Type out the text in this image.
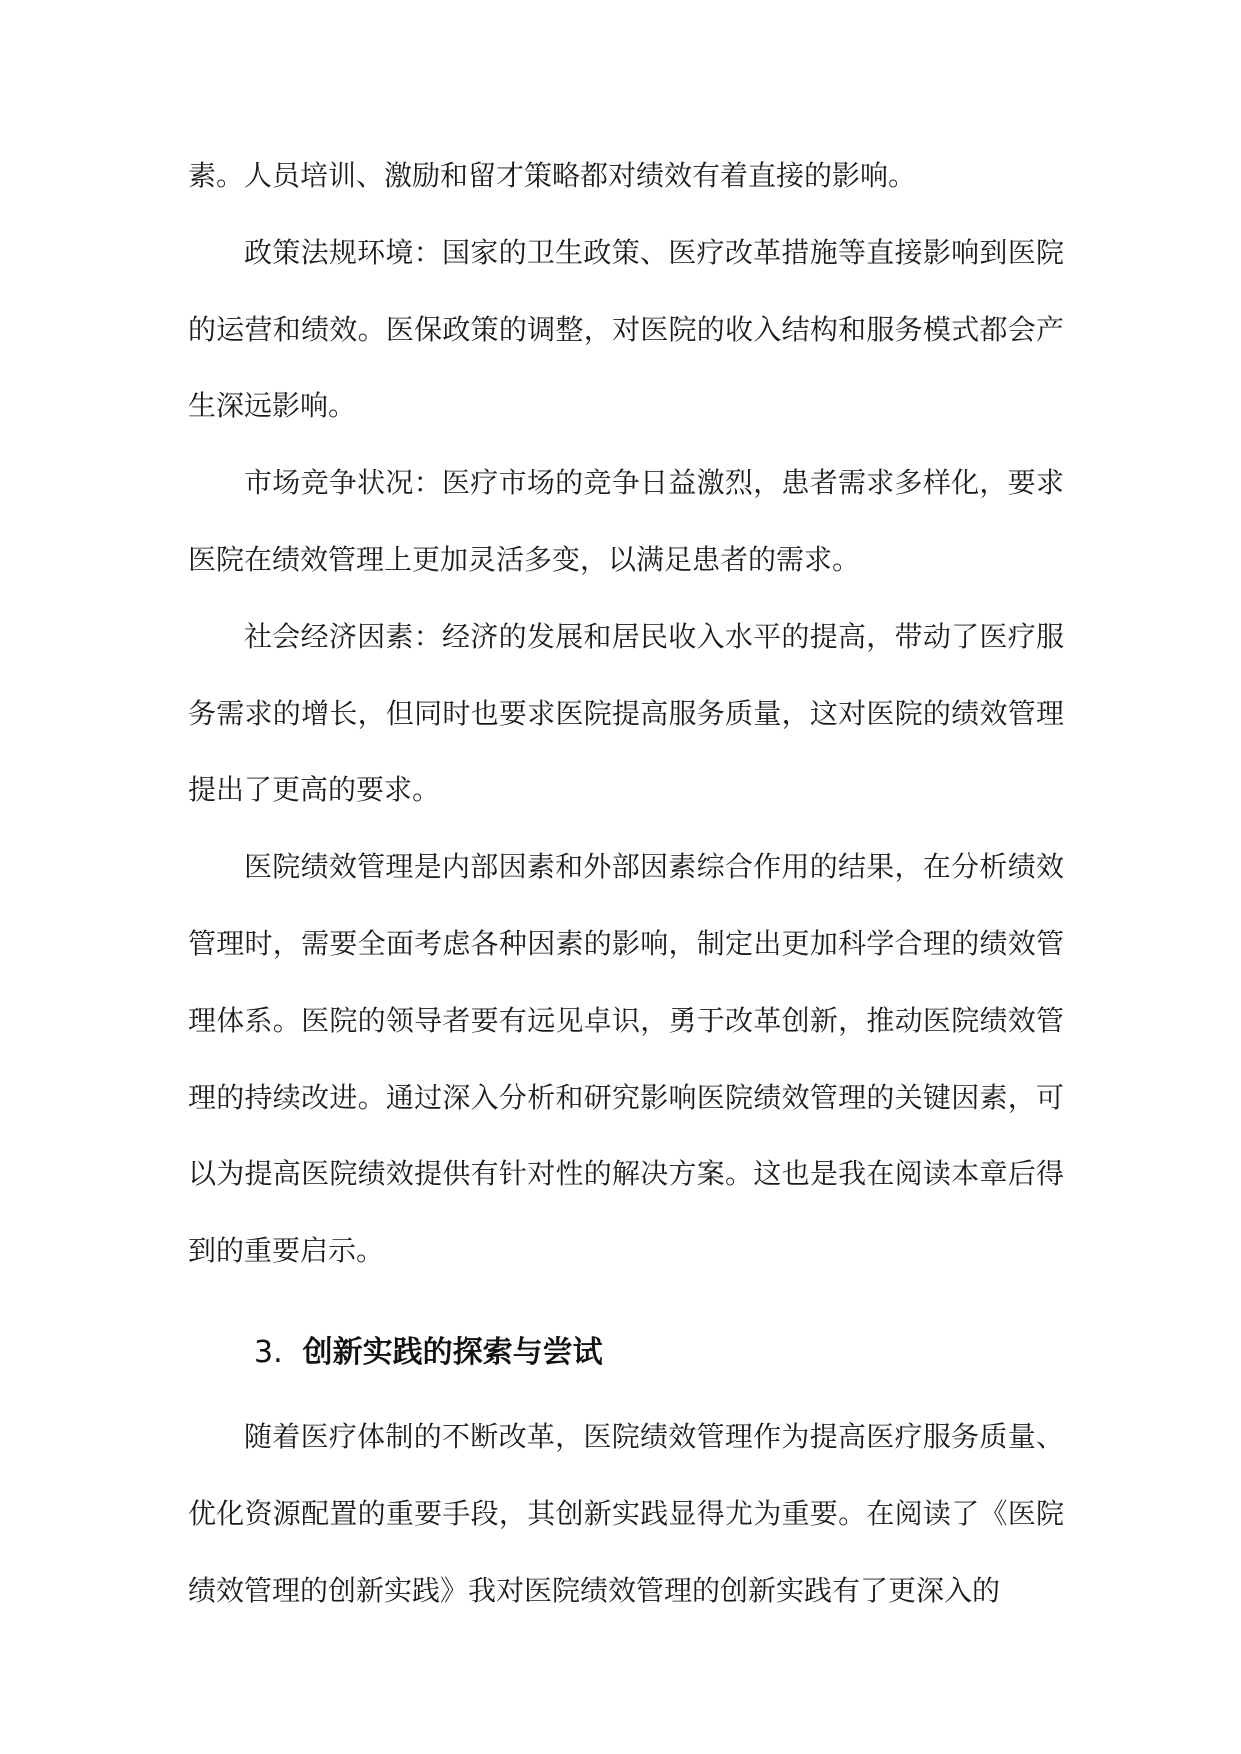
素。人员培训、激励和留才策略都对绩效有着直接的影响。

政策法规环境：国家的卫生政策、医疗改革措施等直接影响到医院的运营和绩效。医保政策的调整，对医院的收入结构和服务模式都会产生深远影响。

市场竞争状况：医疗市场的竞争日益激烈，患者需求多样化，要求医院在绩效管理上更加灵活多变，以满足患者的需求。

社会经济因素：经济的发展和居民收入水平的提高，带动了医疗服务需求的增长，但同时也要求医院提高服务质量，这对医院的绩效管理提出了更高的要求。

医院绩效管理是内部因素和外部因素综合作用的结果，在分析绩效管理时，需要全面考虑各种因素的影响，制定出更加科学合理的绩效管理体系。医院的领导者要有远见卓识，勇于改革创新，推动医院绩效管理的持续改进。通过深入分析和研究影响医院绩效管理的关键因素，可以为提高医院绩效提供有针对性的解决方案。这也是我在阅读本章后得到的重要启示。

3. 创新实践的探索与尝试

随着医疗体制的不断改革，医院绩效管理作为提高医疗服务质量、优化资源配置的重要手段，其创新实践显得尤为重要。在阅读了《医院绩效管理的创新实践》我对医院绩效管理的创新实践有了更深入的
